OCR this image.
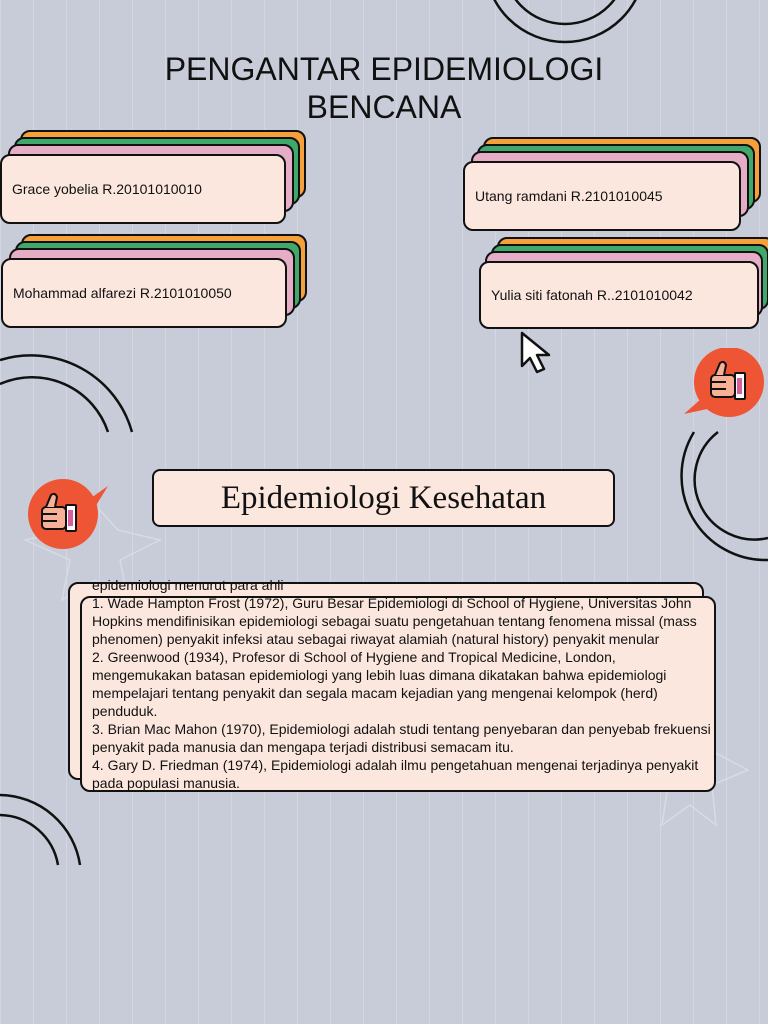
PENGANTAR EPIDEMIOLOGI BENCANA
Grace yobelia R.20101010010	Utang ramdani R.2101010045
Mohammad alfarezi R.2101010050	Yulia siti fatonah R..2101010042
Epidemiologi Kesehatan

epidemiologi menurut para ahli

1. Wade Hampton Frost (1972), Guru Besar Epidemiologi di School of Hygiene, Universitas John Hopkins mendifinisikan epidemiologi sebagai suatu pengetahuan tentang fenomena missal (mass phenomen) penyakit infeksi atau sebagai riwayat alamiah (natural history) penyakit menular

2. Greenwood (1934), Profesor di School of Hygiene and Tropical Medicine, London, mengemukakan batasan epidemiologi yang lebih luas dimana dikatakan bahwa epidemiologi mempelajari tentang penyakit dan segala macam kejadian yang mengenai kelompok (herd) penduduk.

3. Brian Mac Mahon (1970), Epidemiologi adalah studi tentang penyebaran dan penyebab frekuensi penyakit pada manusia dan mengapa terjadi distribusi semacam itu.

4. Gary D. Friedman (1974), Epidemiologi adalah ilmu pengetahuan mengenai terjadinya penyakit pada populasi manusia.
